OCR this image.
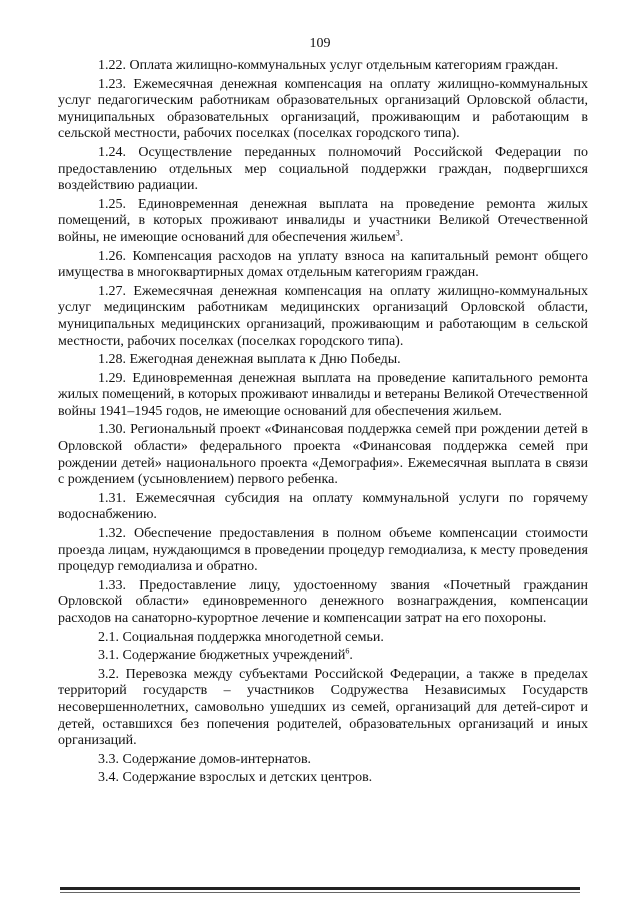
109

1.22. Оплата жилищно-коммунальных услуг отдельным категориям граждан.

1.23. Ежемесячная денежная компенсация на оплату жилищно-коммунальных услуг педагогическим работникам образовательных организаций Орловской области, муниципальных образовательных организаций, проживающим и работающим в сельской местности, рабочих поселках (поселках городского типа).

1.24. Осуществление переданных полномочий Российской Федерации по предоставлению отдельных мер социальной поддержки граждан, подвергшихся воздействию радиации.

1.25. Единовременная денежная выплата на проведение ремонта жилых помещений, в которых проживают инвалиды и участники Великой Отечественной войны, не имеющие оснований для обеспечения жильем$^3$.

1.26. Компенсация расходов на уплату взноса на капитальный ремонт общего имущества в многоквартирных домах отдельным категориям граждан.

1.27. Ежемесячная денежная компенсация на оплату жилищно-коммунальных услуг медицинским работникам медицинских организаций Орловской области, муниципальных медицинских организаций, проживающим и работающим в сельской местности, рабочих поселках (поселках городского типа).

1.28. Ежегодная денежная выплата к Дню Победы.

1.29. Единовременная денежная выплата на проведение капитального ремонта жилых помещений, в которых проживают инвалиды и ветераны Великой Отечественной войны 1941–1945 годов, не имеющие оснований для обеспечения жильем.

1.30. Региональный проект «Финансовая поддержка семей при рождении детей в Орловской области» федерального проекта «Финансовая поддержка семей при рождении детей» национального проекта «Демография». Ежемесячная выплата в связи с рождением (усыновлением) первого ребенка.

1.31. Ежемесячная субсидия на оплату коммунальной услуги по горячему водоснабжению.

1.32. Обеспечение предоставления в полном объеме компенсации стоимости проезда лицам, нуждающимся в проведении процедур гемодиализа, к месту проведения процедур гемодиализа и обратно.

1.33. Предоставление лицу, удостоенному звания «Почетный гражданин Орловской области» единовременного денежного вознаграждения, компенсации расходов на санаторно-курортное лечение и компенсации затрат на его похороны.

2.1. Социальная поддержка многодетной семьи.

3.1. Содержание бюджетных учреждений$^6$.

3.2. Перевозка между субъектами Российской Федерации, а также в пределах территорий государств – участников Содружества Независимых Государств несовершеннолетних, самовольно ушедших из семей, организаций для детей-сирот и детей, оставшихся без попечения родителей, образовательных организаций и иных организаций.

3.3. Содержание домов-интернатов.

3.4. Содержание взрослых и детских центров.
